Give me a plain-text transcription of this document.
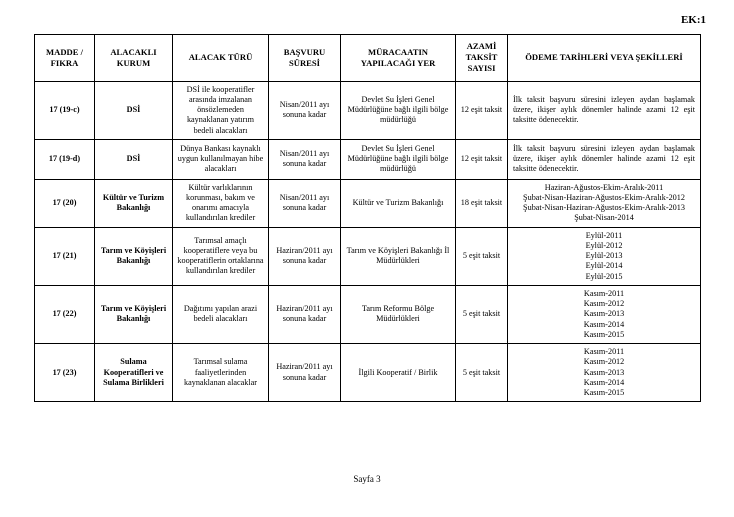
EK:1
MADDE / FIKRA	ALACAKLI KURUM	ALACAK TÜRÜ	BAŞVURU SÜRESİ	MÜRACAATIN YAPILACAĞI YER	AZAMİ TAKSİT SAYISI	ÖDEME TARİHLERİ VEYA ŞEKİLLERİ
17 (19-c)	DSİ	DSİ ile kooperatifler arasında imzalanan önsözlemeden kaynaklanan yatırım bedeli alacakları	Nisan/2011 ayı sonuna kadar	Devlet Su İşleri Genel Müdürlüğüne bağlı ilgili bölge müdürlüğü	12 eşit taksit	İlk taksit başvuru süresini izleyen aydan başlamak üzere, ikişer aylık dönemler halinde azami 12 eşit taksitte ödenecektir.
17 (19-d)	DSİ	Dünya Bankası kaynaklı uygun kullanılmayan hibe alacakları	Nisan/2011 ayı sonuna kadar	Devlet Su İşleri Genel Müdürlüğüne bağlı ilgili bölge müdürlüğü	12 eşit taksit	İlk taksit başvuru süresini izleyen aydan başlamak üzere, ikişer aylık dönemler halinde azami 12 eşit taksitte ödenecektir.
17 (20)	Kültür ve Turizm Bakanlığı	Kültür varlıklarının korunması, bakım ve onarımı amacıyla kullandırılan krediler	Nisan/2011 ayı sonuna kadar	Kültür ve Turizm Bakanlığı	18 eşit taksit	Haziran-Ağustos-Ekim-Aralık-2011
Şubat-Nisan-Haziran-Ağustos-Ekim-Aralık-2012
Şubat-Nisan-Haziran-Ağustos-Ekim-Aralık-2013
Şubat-Nisan-2014

17 (21)	Tarım ve Köyişleri Bakanlığı	Tarımsal amaçlı kooperatiflere veya bu kooperatiflerin ortaklarına kullandırılan krediler	Haziran/2011 ayı sonuna kadar	Tarım ve Köyişleri Bakanlığı İl Müdürlükleri	5 eşit taksit	Eylül-2011
Eylül-2012
Eylül-2013
Eylül-2014
Eylül-2015

17 (22)	Tarım ve Köyişleri Bakanlığı	Dağıtımı yapılan arazi bedeli alacakları	Haziran/2011 ayı sonuna kadar	Tarım Reformu Bölge Müdürlükleri	5 eşit taksit	Kasım-2011
Kasım-2012
Kasım-2013
Kasım-2014
Kasım-2015

17 (23)	Sulama Kooperatifleri ve Sulama Birlikleri	Tarımsal sulama faaliyetlerinden kaynaklanan alacaklar	Haziran/2011 ayı sonuna kadar	İlgili Kooperatif / Birlik	5 eşit taksit	Kasım-2011
Kasım-2012
Kasım-2013
Kasım-2014
Kasım-2015
Sayfa 3
